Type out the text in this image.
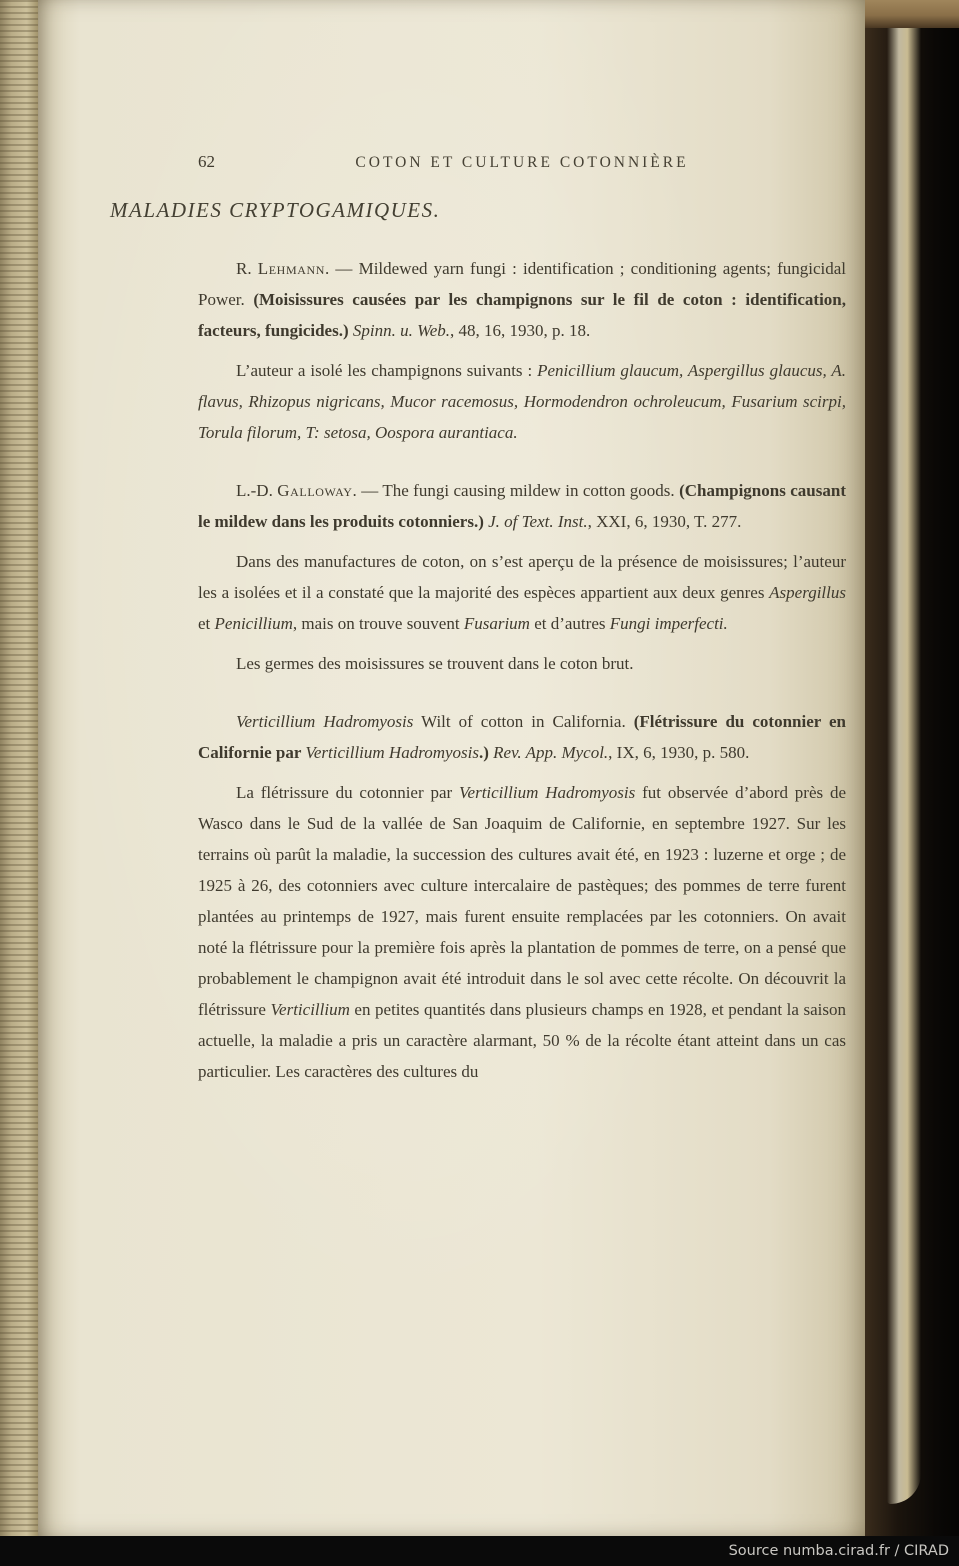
62	COTON ET CULTURE COTONNIÈRE
MALADIES CRYPTOGAMIQUES.

R. Lehmann. — Mildewed yarn fungi : identification ; conditioning agents; fungicidal Power. (Moisissures causées par les champignons sur le fil de coton : identification, facteurs, fungicides.) Spinn. u. Web., 48, 16, 1930, p. 18.

L’auteur a isolé les champignons suivants : Penicillium glaucum, Aspergillus glaucus, A. flavus, Rhizopus nigricans, Mucor racemosus, Hormodendron ochroleucum, Fusarium scirpi, Torula filorum, T: setosa, Oospora aurantiaca.

L.-D. Galloway. — The fungi causing mildew in cotton goods. (Champignons causant le mildew dans les produits cotonniers.) J. of Text. Inst., XXI, 6, 1930, T. 277.

Dans des manufactures de coton, on s’est aperçu de la présence de moisissures; l’auteur les a isolées et il a constaté que la majorité des espèces appartient aux deux genres Aspergillus et Penicillium, mais on trouve souvent Fusarium et d’autres Fungi imperfecti.

Les germes des moisissures se trouvent dans le coton brut.

Verticillium Hadromyosis Wilt of cotton in California. (Flétrissure du cotonnier en Californie par Verticillium Hadromyosis.) Rev. App. Mycol., IX, 6, 1930, p. 580.

La flétrissure du cotonnier par Verticillium Hadromyosis fut observée d’abord près de Wasco dans le Sud de la vallée de San Joaquim de Californie, en septembre 1927. Sur les terrains où parût la maladie, la succession des cultures avait été, en 1923 : luzerne et orge ; de 1925 à 26, des cotonniers avec culture intercalaire de pastèques; des pommes de terre furent plantées au printemps de 1927, mais furent ensuite remplacées par les cotonniers. On avait noté la flétrissure pour la première fois après la plantation de pommes de terre, on a pensé que probablement le champignon avait été introduit dans le sol avec cette récolte. On découvrit la flétrissure Verticillium en petites quantités dans plusieurs champs en 1928, et pendant la saison actuelle, la maladie a pris un caractère alarmant, 50 % de la récolte étant atteint dans un cas particulier. Les caractères des cultures du

Source numba.cirad.fr / CIRAD
